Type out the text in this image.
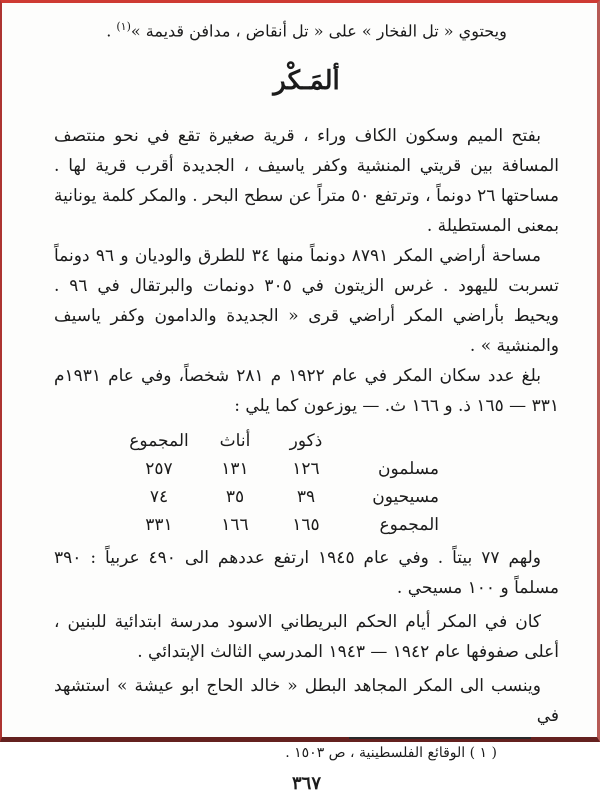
ويحتوي « تل الفخار » على « تل أنقاض ، مدافن قديمة »$^{(١)}$ .
ألمَـكْر

بفتح الميم وسكون الكاف وراء ، قرية صغيرة تقع في نحو منتصف المسافة بين قريتي المنشية وكفر ياسيف ، الجديدة أقرب قرية لها . مساحتها ٢٦ دونماً ، وترتفع ٥٠ متراً عن سطح البحر . والمكر كلمة يونانية بمعنى المستطيلة .

مساحة أراضي المكر ٨٧٩١ دونماً منها ٣٤ للطرق والوديان و ٩٦ دونماً تسربت لليهود . غرس الزيتون في ٣٠٥ دونمات والبرتقال في ٩٦ . ويحيط بأراضي المكر أراضي قرى « الجديدة والدامون وكفر ياسيف والمنشية » .

بلغ عدد سكان المكر في عام ١٩٢٢ م ٢٨١ شخصاً، وفي عام ١٩٣١م ٣٣١ — ١٦٥ ذ. و ١٦٦ ث. — يوزعون كما يلي :

ذكور
أناث
المجموع
مسلمون
١٢٦
١٣١
٢٥٧
مسيحيون
٣٩
٣٥
٧٤
المجموع
١٦٥
١٦٦
٣٣١

ولهم ٧٧ بيتاً . وفي عام ١٩٤٥ ارتفع عددهم الى ٤٩٠ عربياً : ٣٩٠ مسلماً و ١٠٠ مسيحي .

كان في المكر أيام الحكم البريطاني الاسود مدرسة ابتدائية للبنين ، أعلى صفوفها عام ١٩٤٢ — ١٩٤٣ المدرسي الثالث الإبتدائي .

وينسب الى المكر المجاهد البطل « خالد الحاج ابو عيشة » استشهد في

( ١ ) الوقائع الفلسطينية ، ص ١٥٠٣ .

٣٦٧
